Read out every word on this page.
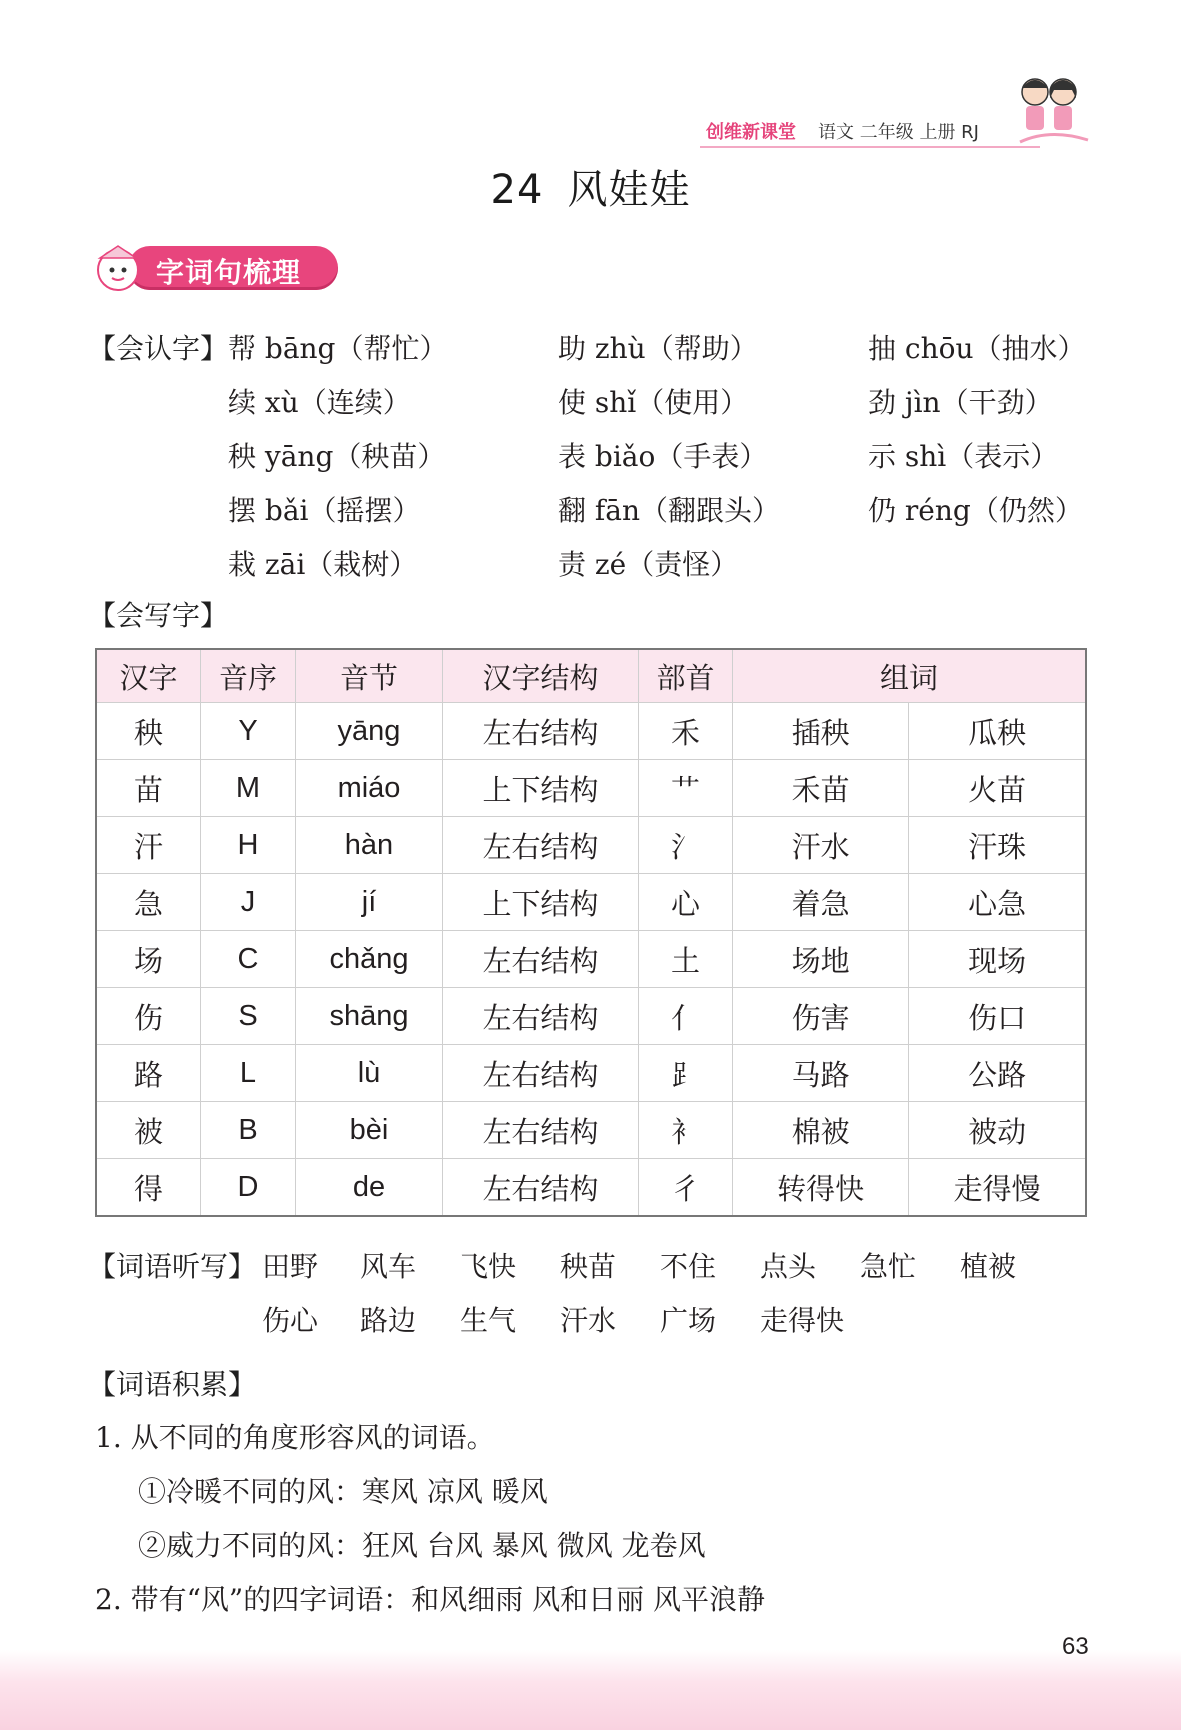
创维新课堂 语文 二年级 上册 RJ
24 风娃娃
字词句梳理
【会认字】 帮 bāng（帮忙）	助 zhù（帮助）	抽 chōu（抽水）
续 xù（连续）	使 shǐ（使用）	劲 jìn（干劲）
秧 yāng（秧苗）	表 biǎo（手表）	示 shì（表示）
摆 bǎi（摇摆）	翻 fān（翻跟头）	仍 réng（仍然）
栽 zāi（栽树）	责 zé（责怪）
【会写字】
汉字	音序	音节	汉字结构	部首	组词	
秧	Y	yāng	左右结构	禾	插秧	瓜秧
苗	M	miáo	上下结构	艹	禾苗	火苗
汗	H	hàn	左右结构	氵	汗水	汗珠
急	J	jí	上下结构	心	着急	心急
场	C	chǎng	左右结构	土	场地	现场
伤	S	shāng	左右结构	亻	伤害	伤口
路	L	lù	左右结构	⻊	马路	公路
被	B	bèi	左右结构	衤	棉被	被动
得	D	de	左右结构	彳	转得快	走得慢
【词语听写】 田野 风车 飞快 秧苗 不住 点头 急忙 植被
伤心 路边 生气 汗水 广场 走得快
【词语积累】
1. 从不同的角度形容风的词语。
①冷暖不同的风：寒风 凉风 暖风
②威力不同的风：狂风 台风 暴风 微风 龙卷风
2. 带有“风”的四字词语：和风细雨 风和日丽 风平浪静
63
